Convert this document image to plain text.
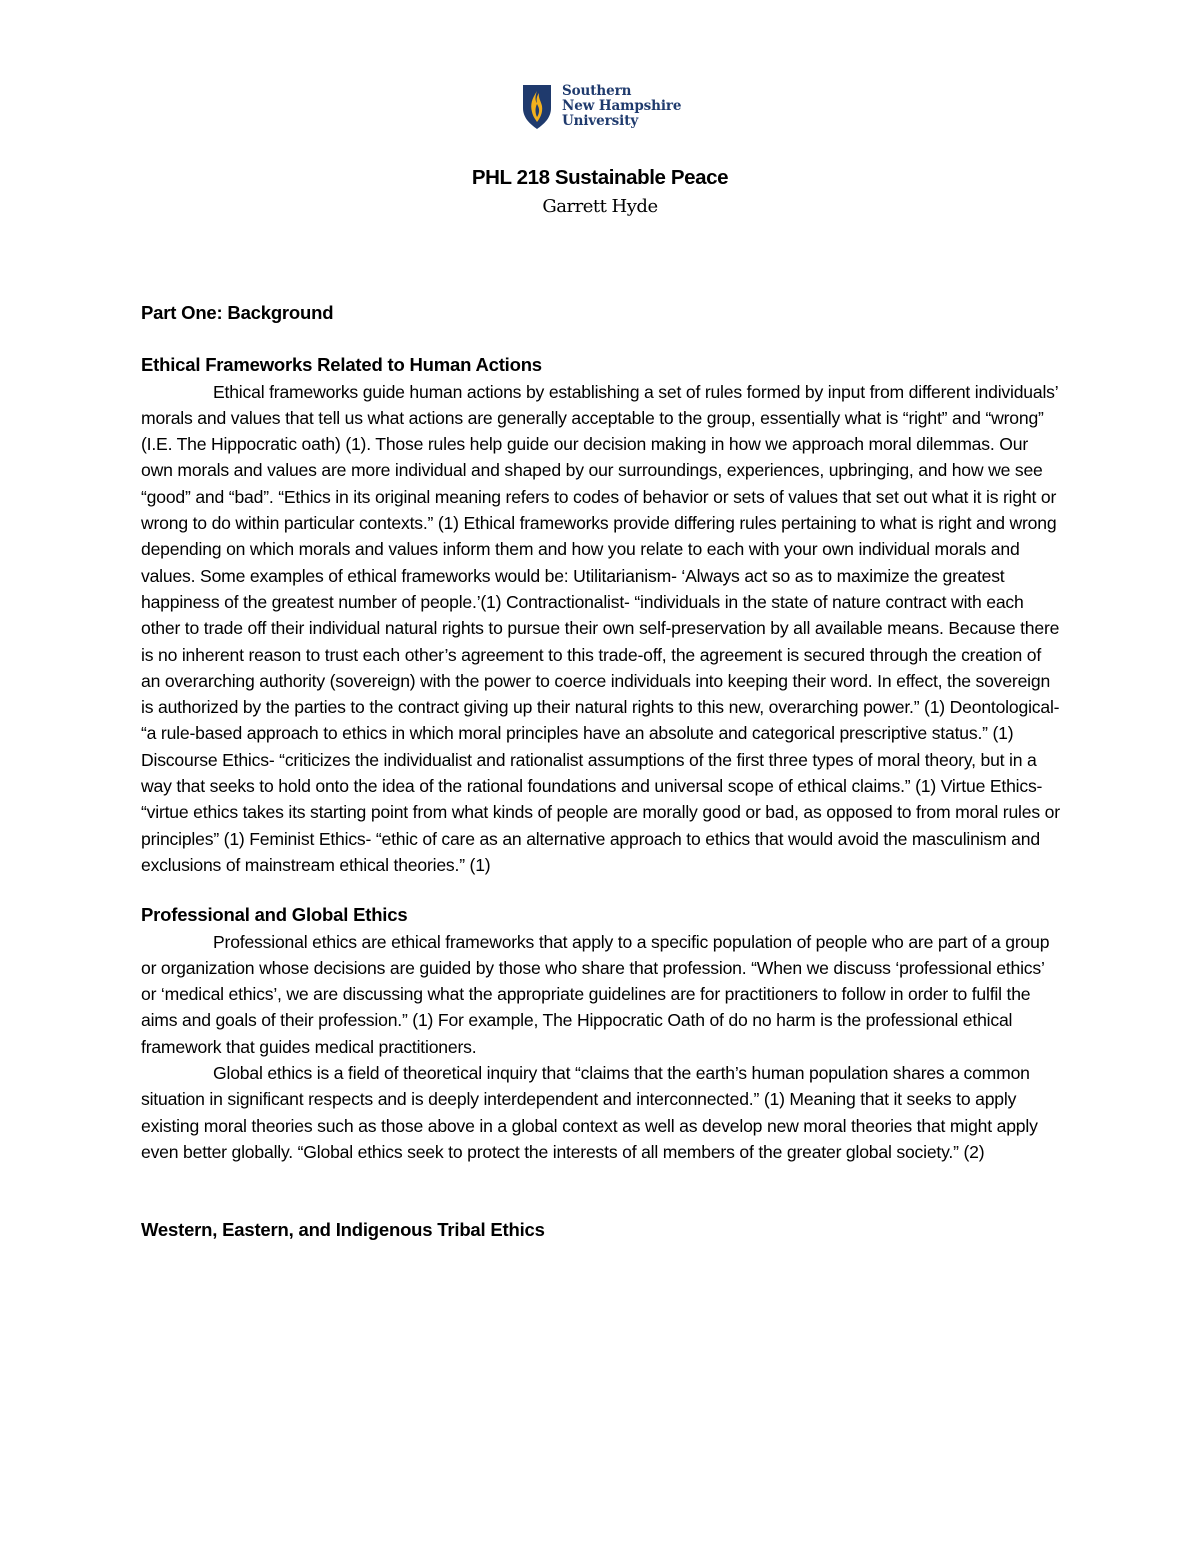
Southern
New Hampshire
University
PHL 218 Sustainable Peace
Garrett Hyde

Part One: Background

Ethical Frameworks Related to Human Actions

Ethical frameworks guide human actions by establishing a set of rules formed by input from different individuals’ morals and values that tell us what actions are generally acceptable to the group, essentially what is “right” and “wrong” (I.E. The Hippocratic oath) (1). Those rules help guide our decision making in how we approach moral dilemmas. Our own morals and values are more individual and shaped by our surroundings, experiences, upbringing, and how we see “good” and “bad”. “Ethics in its original meaning refers to codes of behavior or sets of values that set out what it is right or wrong to do within particular contexts.” (1) Ethical frameworks provide differing rules pertaining to what is right and wrong depending on which morals and values inform them and how you relate to each with your own individual morals and values. Some examples of ethical frameworks would be: Utilitarianism- ‘Always act so as to maximize the greatest happiness of the greatest number of people.’(1) Contractionalist- “individuals in the state of nature contract with each other to trade off their individual natural rights to pursue their own self-preservation by all available means. Because there is no inherent reason to trust each other’s agreement to this trade-off, the agreement is secured through the creation of an overarching authority (sovereign) with the power to coerce individuals into keeping their word. In effect, the sovereign is authorized by the parties to the contract giving up their natural rights to this new, overarching power.” (1) Deontological- “a rule-based approach to ethics in which moral principles have an absolute and categorical prescriptive status.” (1) Discourse Ethics- “criticizes the individualist and rationalist assumptions of the first three types of moral theory, but in a way that seeks to hold onto the idea of the rational foundations and universal scope of ethical claims.” (1) Virtue Ethics- “virtue ethics takes its starting point from what kinds of people are morally good or bad, as opposed to from moral rules or principles” (1) Feminist Ethics- “ethic of care as an alternative approach to ethics that would avoid the masculinism and exclusions of mainstream ethical theories.” (1)

Professional and Global Ethics

Professional ethics are ethical frameworks that apply to a specific population of people who are part of a group or organization whose decisions are guided by those who share that profession. “When we discuss ‘professional ethics’ or ‘medical ethics’, we are discussing what the appropriate guidelines are for practitioners to follow in order to fulfil the aims and goals of their profession.” (1) For example, The Hippocratic Oath of do no harm is the professional ethical framework that guides medical practitioners.

Global ethics is a field of theoretical inquiry that “claims that the earth’s human population shares a common situation in significant respects and is deeply interdependent and interconnected.” (1) Meaning that it seeks to apply existing moral theories such as those above in a global context as well as develop new moral theories that might apply even better globally. “Global ethics seek to protect the interests of all members of the greater global society.” (2)

Western, Eastern, and Indigenous Tribal Ethics
